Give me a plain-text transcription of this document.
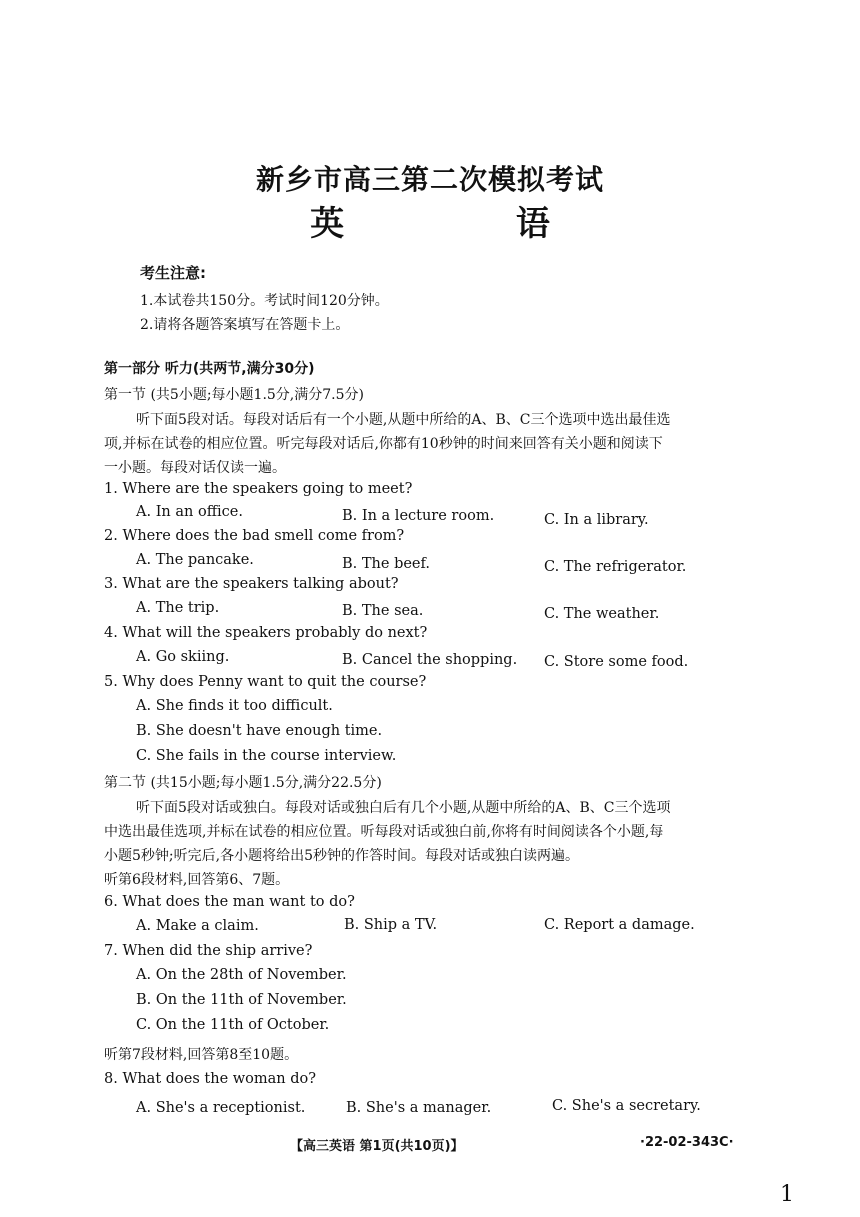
新乡市高三第二次模拟考试
英 语
考生注意:
1.本试卷共150分。考试时间120分钟。
2.请将各题答案填写在答题卡上。
第一部分 听力(共两节,满分30分)
第一节 (共5小题;每小题1.5分,满分7.5分)
听下面5段对话。每段对话后有一个小题,从题中所给的A、B、C三个选项中选出最佳选
项,并标在试卷的相应位置。听完每段对话后,你都有10秒钟的时间来回答有关小题和阅读下
一小题。每段对话仅读一遍。
1. Where are the speakers going to meet?
A. In an office.	B. In a lecture room.	C. In a library.
2. Where does the bad smell come from?
A. The pancake.	B. The beef.	C. The refrigerator.
3. What are the speakers talking about?
A. The trip.	B. The sea.	C. The weather.
4. What will the speakers probably do next?
A. Go skiing.	B. Cancel the shopping. C. Store some food.
5. Why does Penny want to quit the course?
A. She finds it too difficult.
B. She doesn't have enough time.
C. She fails in the course interview.
第二节 (共15小题;每小题1.5分,满分22.5分)
听下面5段对话或独白。每段对话或独白后有几个小题,从题中所给的A、B、C三个选项
中选出最佳选项,并标在试卷的相应位置。听每段对话或独白前,你将有时间阅读各个小题,每
小题5秒钟;听完后,各小题将给出5秒钟的作答时间。每段对话或独白读两遍。
听第6段材料,回答第6、7题。
6. What does the man want to do?
A. Make a claim.	B. Ship a TV.	C. Report a damage.
7. When did the ship arrive?
A. On the 28th of November.
B. On the 11th of November.
C. On the 11th of October.
听第7段材料,回答第8至10题。
8. What does the woman do?
A. She's a receptionist.	B. She's a manager.	C. She's a secretary.
【高三英语 第1页(共10页)】	·22-02-343C·
1
